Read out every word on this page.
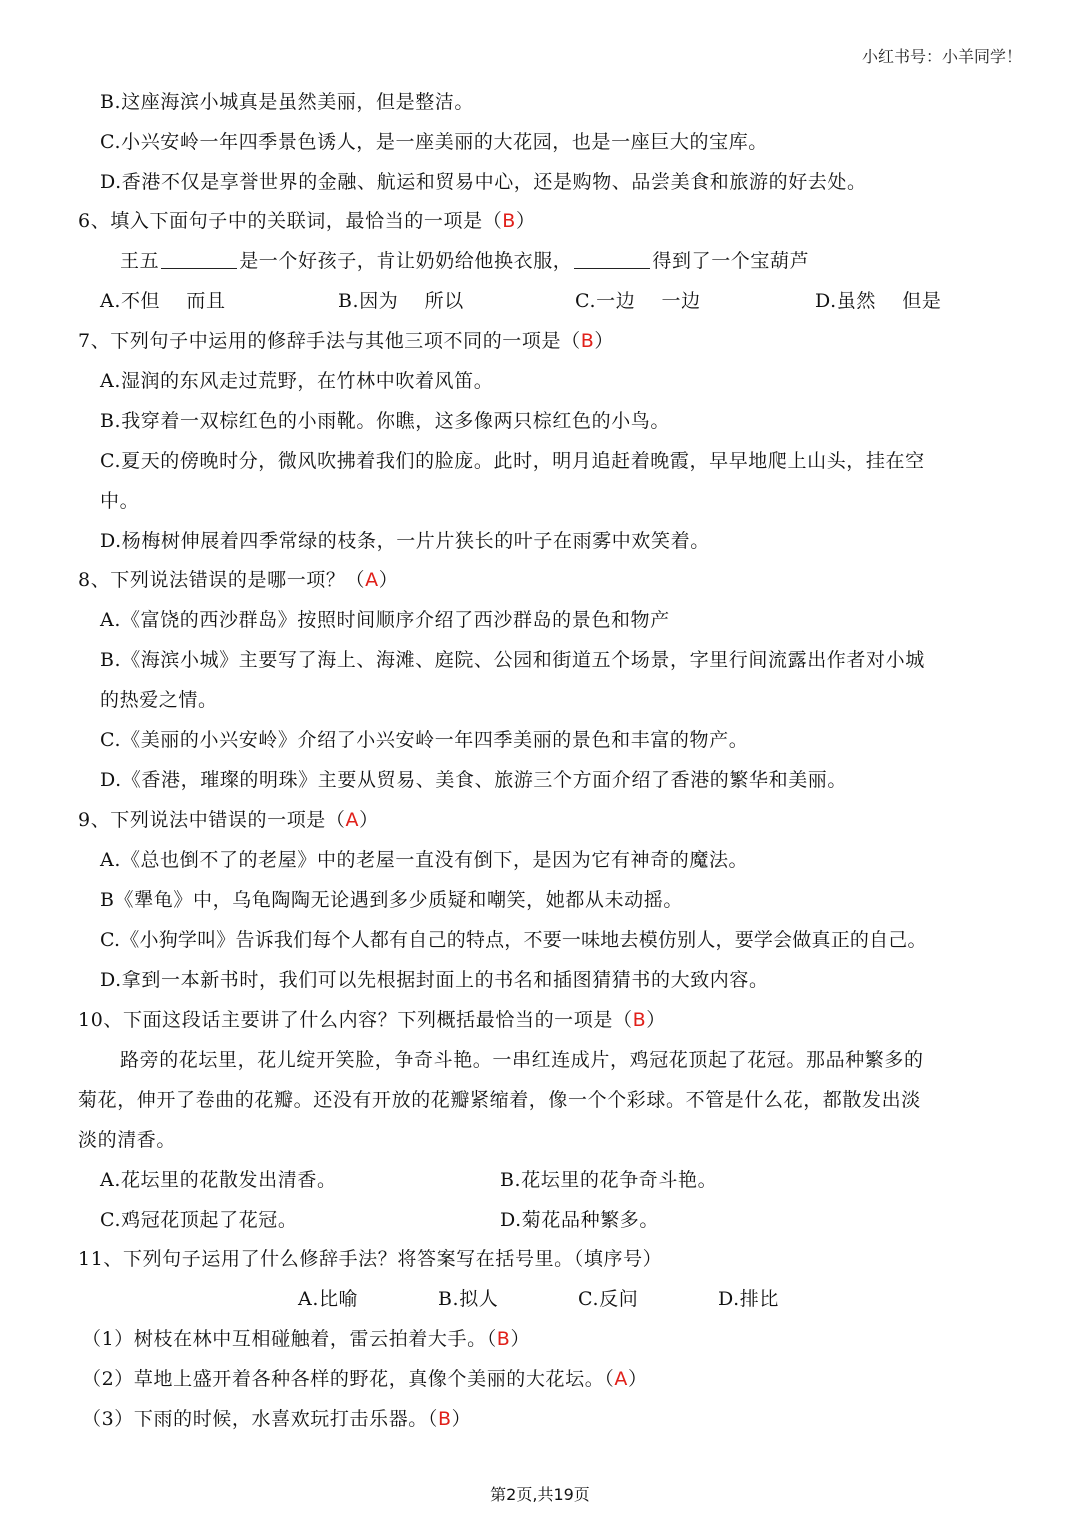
小红书号：小羊同学！
B.这座海滨小城真是虽然美丽，但是整洁。
C.小兴安岭一年四季景色诱人，是一座美丽的大花园，也是一座巨大的宝库。
D.香港不仅是享誉世界的金融、航运和贸易中心，还是购物、品尝美食和旅游的好去处。
6、填入下面句子中的关联词，最恰当的一项是（B）
王五	是一个好孩子，肯让奶奶给他换衣服，	得到了一个宝葫芦
A.不但　 而且	B.因为　 所以	C.一边　 一边	D.虽然　 但是
7、下列句子中运用的修辞手法与其他三项不同的一项是（B）
A.湿润的东风走过荒野，在竹林中吹着风笛。
B.我穿着一双棕红色的小雨靴。你瞧，这多像两只棕红色的小鸟。
C.夏天的傍晚时分，微风吹拂着我们的脸庞。此时，明月追赶着晚霞，早早地爬上山头，挂在空
中。
D.杨梅树伸展着四季常绿的枝条，一片片狭长的叶子在雨雾中欢笑着。
8、下列说法错误的是哪一项？（A）
A.《富饶的西沙群岛》按照时间顺序介绍了西沙群岛的景色和物产
B.《海滨小城》主要写了海上、海滩、庭院、公园和街道五个场景，字里行间流露出作者对小城
的热爱之情。
C.《美丽的小兴安岭》介绍了小兴安岭一年四季美丽的景色和丰富的物产。
D.《香港，璀璨的明珠》主要从贸易、美食、旅游三个方面介绍了香港的繁华和美丽。
9、下列说法中错误的一项是（A）
A.《总也倒不了的老屋》中的老屋一直没有倒下，是因为它有神奇的魔法。
B《犟龟》中，乌龟陶陶无论遇到多少质疑和嘲笑，她都从未动摇。
C.《小狗学叫》告诉我们每个人都有自己的特点，不要一味地去模仿别人，要学会做真正的自己。
D.拿到一本新书时，我们可以先根据封面上的书名和插图猜猜书的大致内容。
10、下面这段话主要讲了什么内容？下列概括最恰当的一项是（B）
路旁的花坛里，花儿绽开笑脸，争奇斗艳。一串红连成片，鸡冠花顶起了花冠。那品种繁多的
菊花，伸开了卷曲的花瓣。还没有开放的花瓣紧缩着，像一个个彩球。不管是什么花，都散发出淡
淡的清香。
A.花坛里的花散发出清香。	B.花坛里的花争奇斗艳。
C.鸡冠花顶起了花冠。	D.菊花品种繁多。
11、下列句子运用了什么修辞手法？将答案写在括号里。（填序号）
A.比喻	B.拟人	C.反问	D.排比
（1）树枝在林中互相碰触着，雷云拍着大手。（B）
（2）草地上盛开着各种各样的野花，真像个美丽的大花坛。（A）
（3）下雨的时候，水喜欢玩打击乐器。（B）
第2页,共19页
